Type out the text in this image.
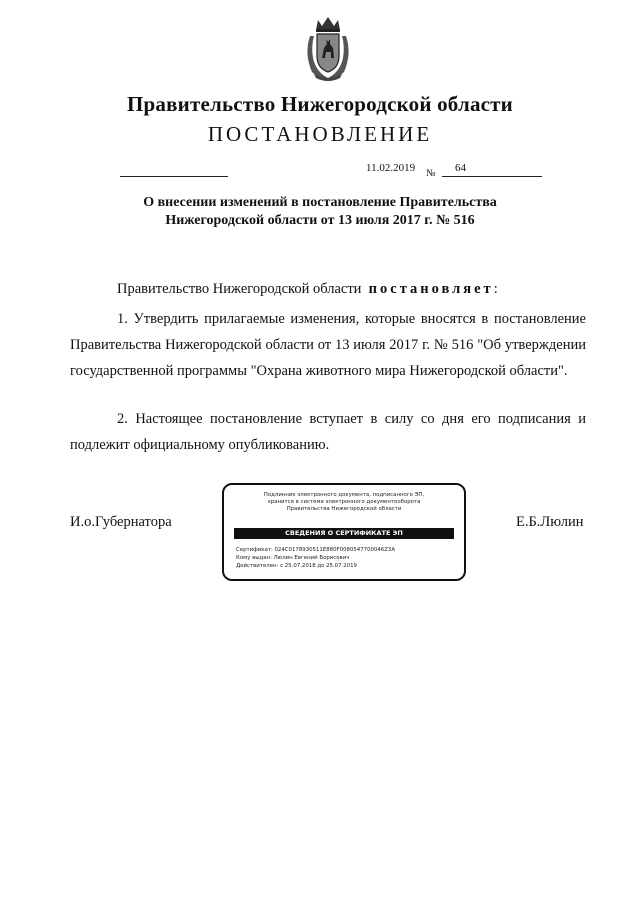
Правительство Нижегородской области
ПОСТАНОВЛЕНИЕ
11.02.2019 № 64
О внесении изменений в постановление Правительства
Нижегородской области от 13 июля 2017 г. № 516
Правительство Нижегородской области постановляет:
1. Утвердить прилагаемые изменения, которые вносятся в постановление Правительства Нижегородской области от 13 июля 2017 г. № 516 "Об утверждении государственной программы "Охрана животного мира Нижегородской области".
2. Настоящее постановление вступает в силу со дня его подписания и подлежит официальному опубликованию.
И.о.Губернатора	Е.Б.Люлин
Подлинник электронного документа, подписанного ЭП,
хранится в системе электронного документооборота
Правительства Нижегородской области
СВЕДЕНИЯ О СЕРТИФИКАТЕ ЭП
Сертификат: 024C0178930511E880F0080547700046Z3A
Кому выдан: Люлин Евгений Борисович
Действителен: с 25.07.2018 до 25.07.2019
